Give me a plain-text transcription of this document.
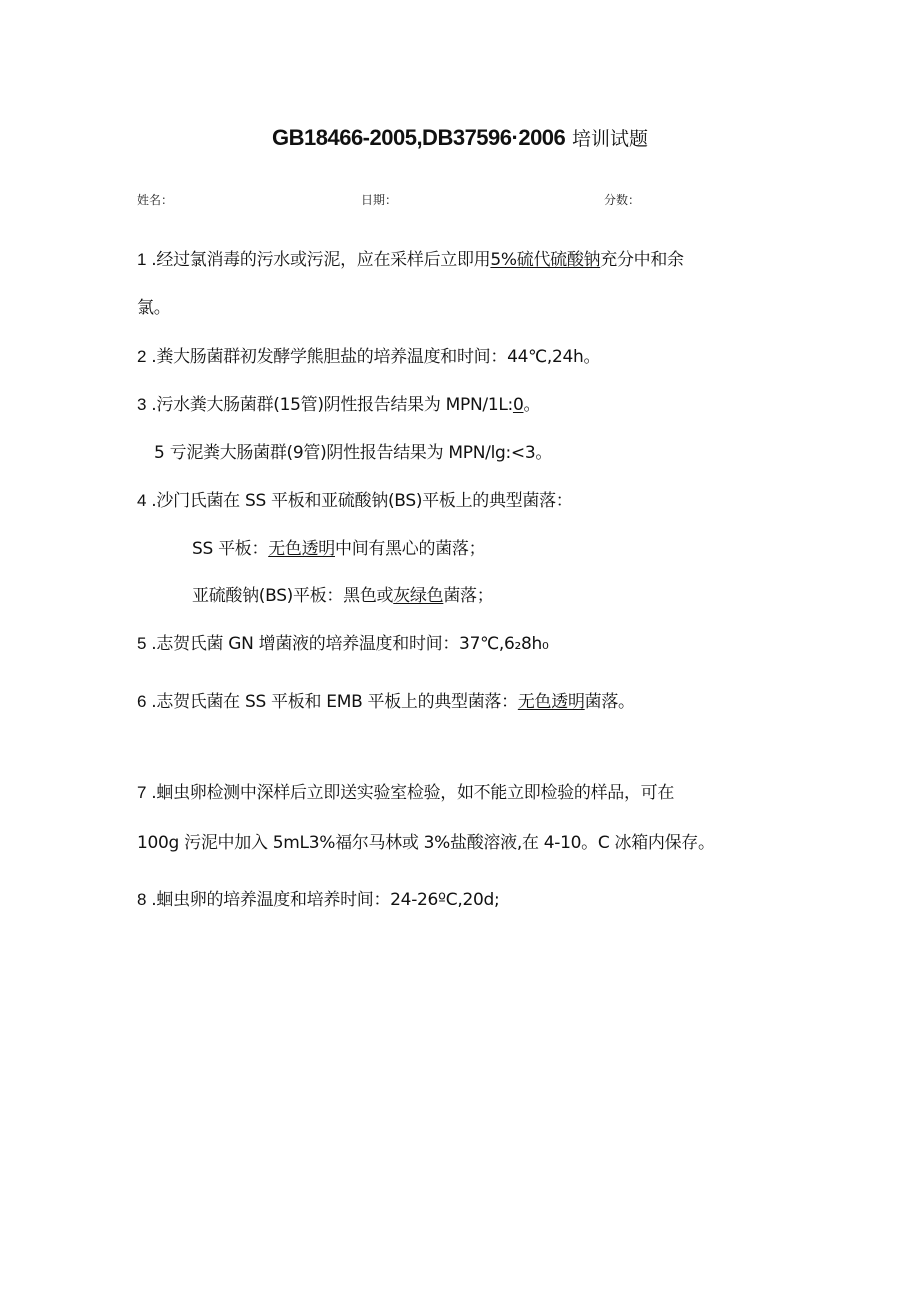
GB18466-2005,DB37596·2006 培训试题
姓名：	日期：	分数：
1 .经过氯消毒的污水或污泥，应在采样后立即用5%硫代硫酸钠充分中和余
氯。
2 .粪大肠菌群初发酵学熊胆盐的培养温度和时间：44℃,24h。
3 .污水粪大肠菌群(15管)阴性报告结果为 MPN/1L:0。
5 亏泥粪大肠菌群(9管)阴性报告结果为 MPN/lg:<3。
4 .沙门氏菌在 SS 平板和亚硫酸钠(BS)平板上的典型菌落：
SS 平板：无色透明中间有黑心的菌落；
亚硫酸钠(BS)平板：黑色或灰绿色菌落；
5 .志贺氏菌 GN 增菌液的培养温度和时间：37℃,6₂8h₀
6 .志贺氏菌在 SS 平板和 EMB 平板上的典型菌落：无色透明菌落。
7 .蛔虫卵检测中深样后立即送实验室检验，如不能立即检验的样品，可在
100g 污泥中加入 5mL3%福尔马林或 3%盐酸溶液,在 4-10。C 冰箱内保存。
8 .蛔虫卵的培养温度和培养时间：24-26ºC,20d;
